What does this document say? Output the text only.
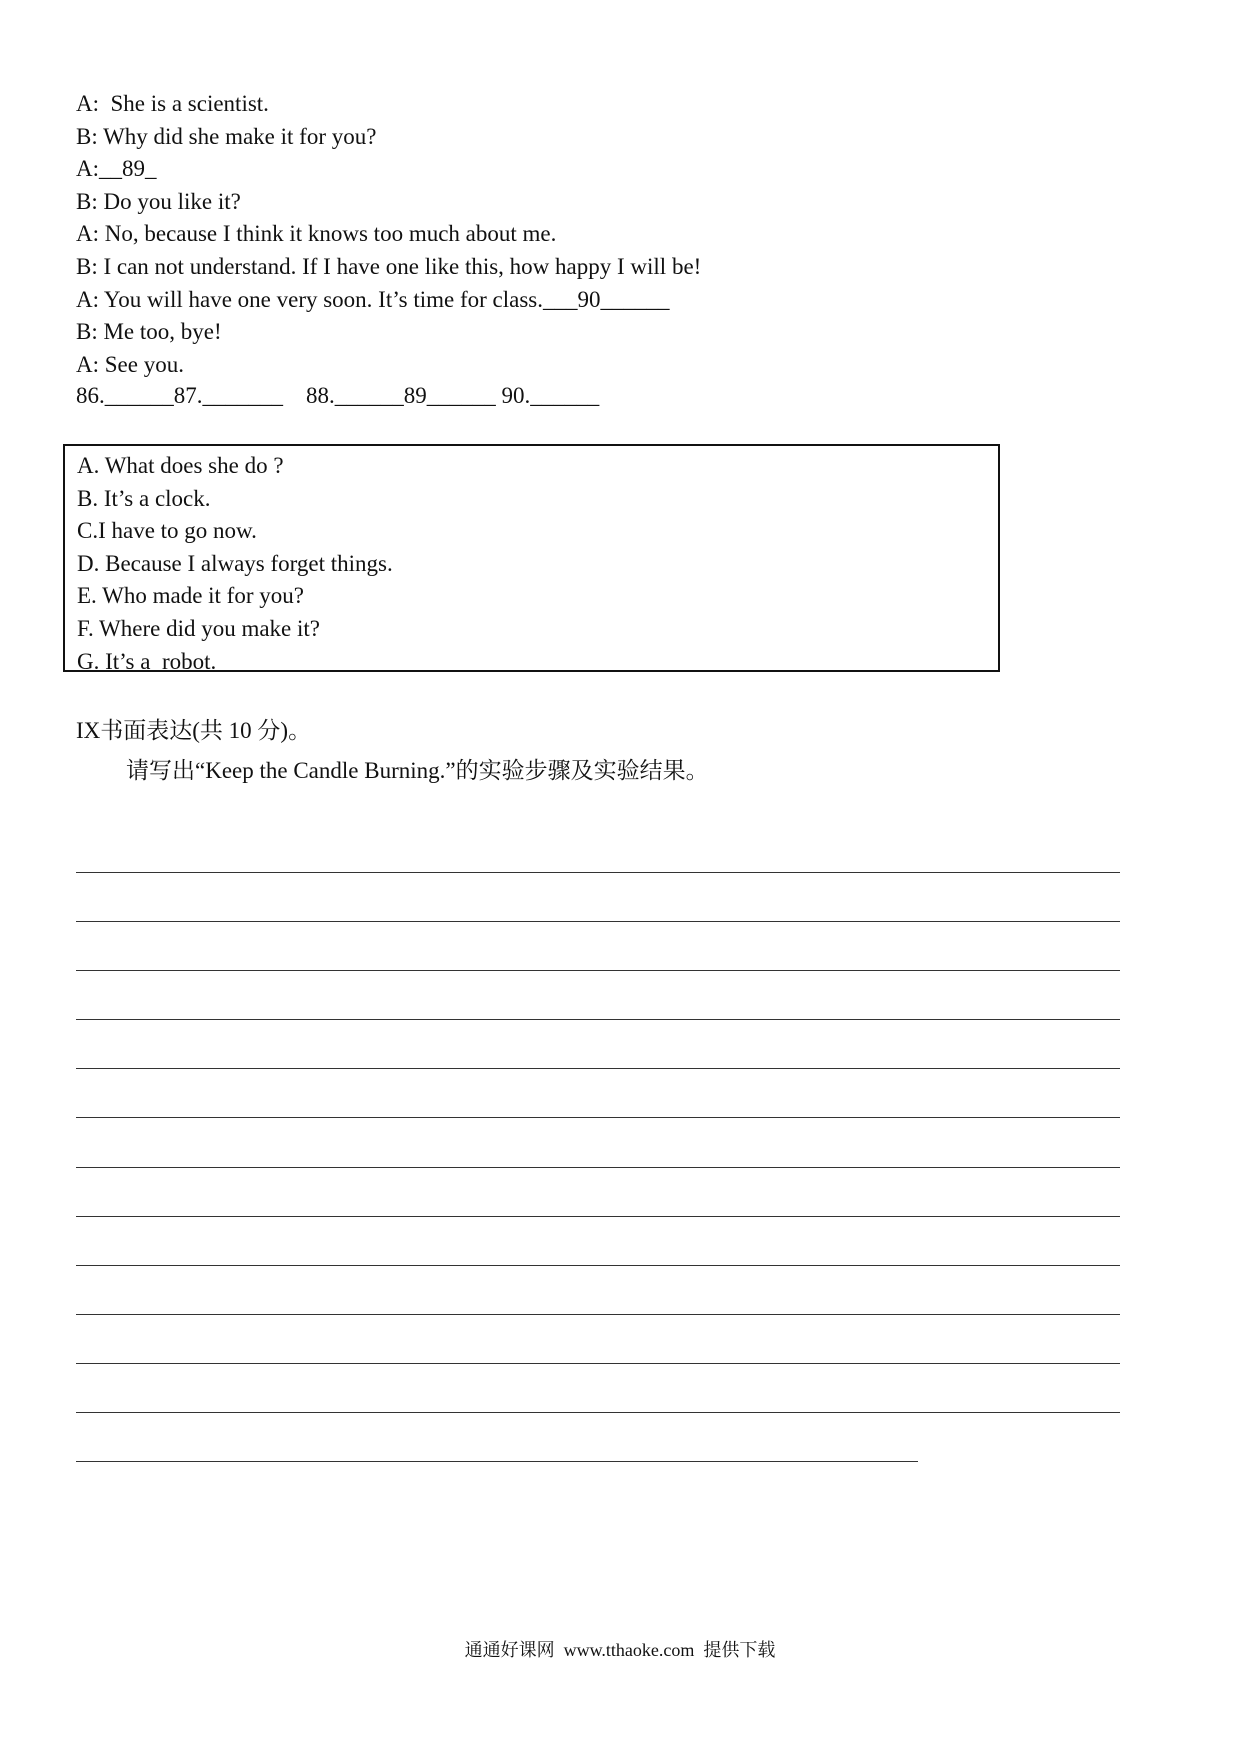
A:  She is a scientist.
B: Why did she make it for you?
A:__89_
B: Do you like it?
A: No, because I think it knows too much about me.
B: I can not understand. If I have one like this, how happy I will be!
A: You will have one very soon. It’s time for class.___90______
B: Me too, bye!
A: See you.
86.______87._______    88.______89______ 90.______
A. What does she do ?
B. It’s a clock.
C.I have to go now.
D. Because I always forget things.
E. Who made it for you?
F. Where did you make it?
G. It’s a  robot.
IX书面表达(共 10 分)。
请写出“Keep the Candle Burning.”的实验步骤及实验结果。
通通好课网  www.tthaoke.com  提供下载
